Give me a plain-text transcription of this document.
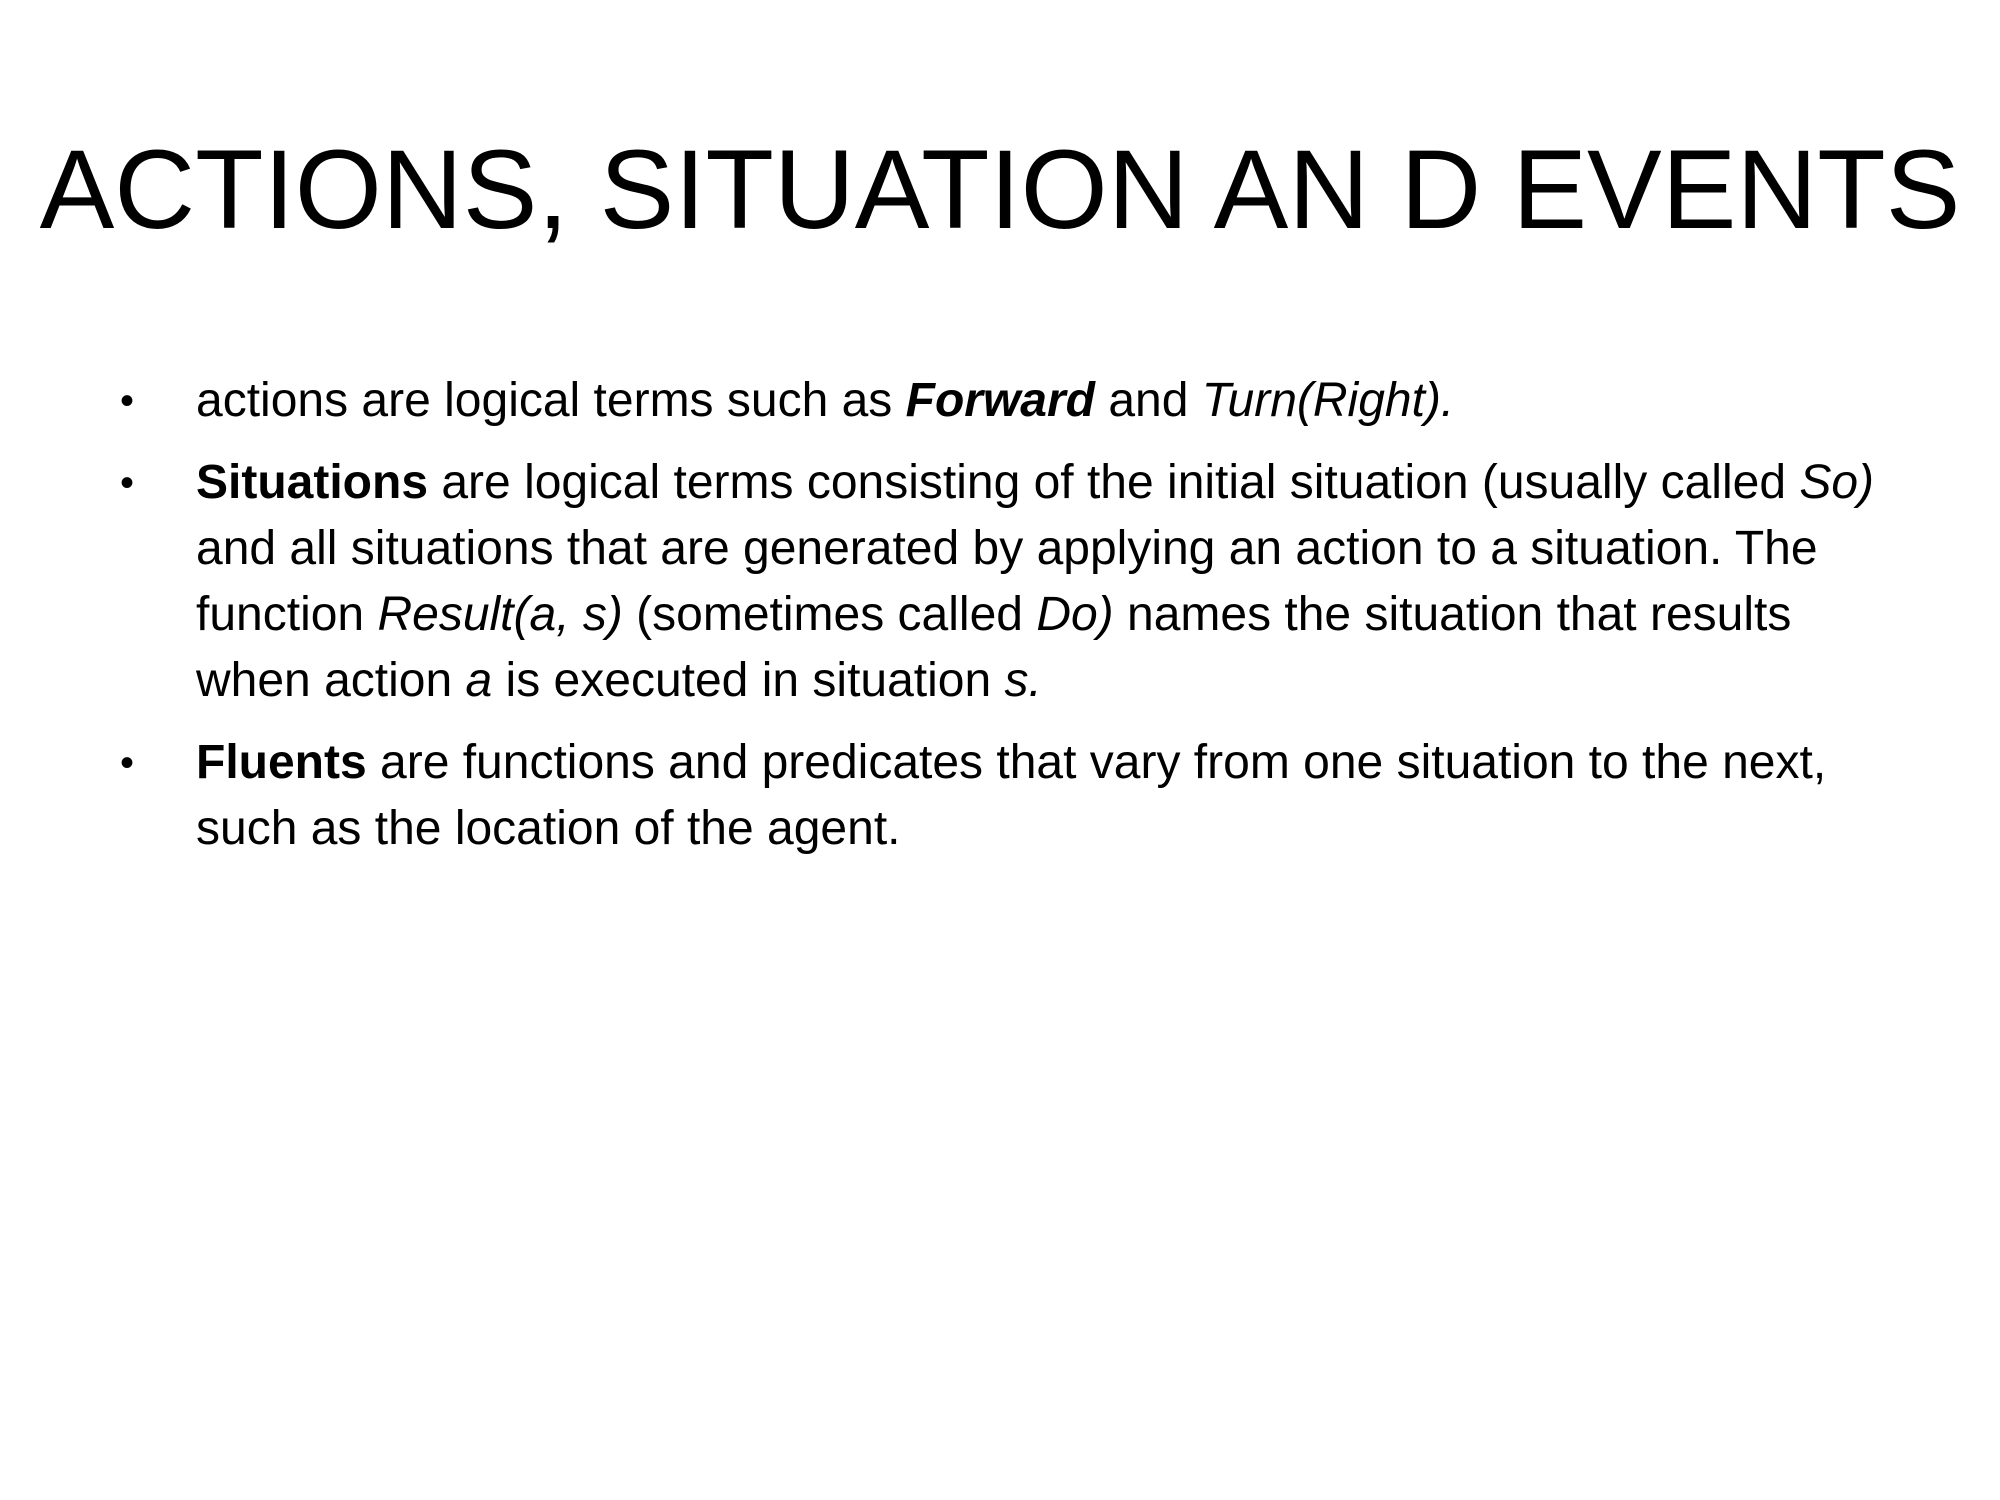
ACTIONS, SITUATION AN D EVENTS
•	actions are logical terms such as Forward and Turn(Right).
•	Situations are logical terms consisting of the initial situation (usually called So) and all situations that are generated by applying an action to a situation. The function Result(a, s) (sometimes called Do) names the situation that results when action a is executed in situation s.
•	Fluents are functions and predicates that vary from one situation to the next, such as the location of the agent.
